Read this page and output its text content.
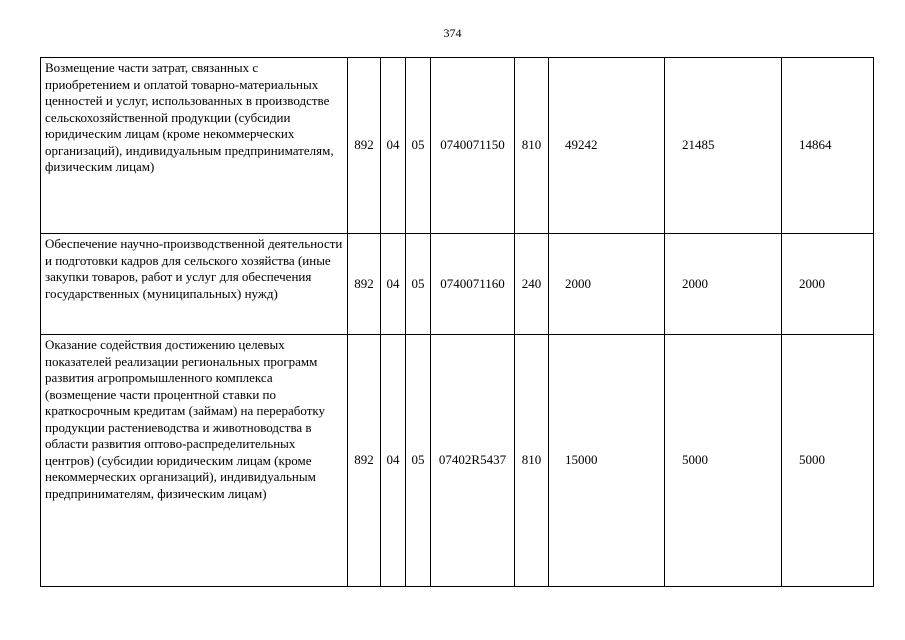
374
Возмещение части затрат, связанных с приобретением и оплатой товарно-материальных ценностей и услуг, использованных в производстве сельскохозяйственной продукции (субсидии юридическим лицам (кроме некоммерческих организаций), индивидуальным предпринимателям, физическим лицам)	892	04	05	0740071150	810	49242	21485	14864
Обеспечение научно-производственной деятельности и подготовки кадров для сельского хозяйства (иные закупки товаров, работ и услуг для обеспечения государственных (муниципальных) нужд)	892	04	05	0740071160	240	2000	2000	2000
Оказание содействия достижению целевых показателей реализации региональных программ развития агропромышленного комплекса (возмещение части процентной ставки по краткосрочным кредитам (займам) на переработку продукции растениеводства и животноводства в области развития оптово-распределительных центров) (субсидии юридическим лицам (кроме некоммерческих организаций), индивидуальным предпринимателям, физическим лицам)	892	04	05	07402R5437	810	15000	5000	5000
